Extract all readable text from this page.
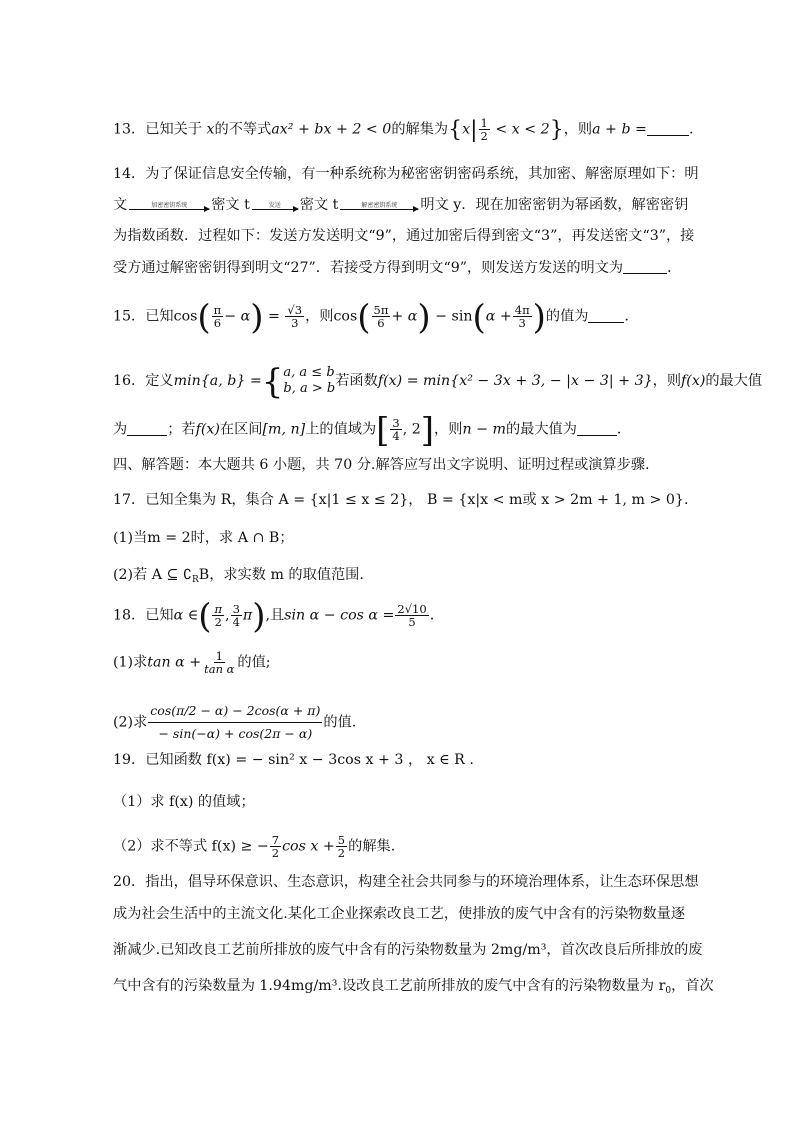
13．已知关于 x的不等式ax² + bx + 2 < 0的解集为$\{x| \frac{1}{2} < x < 2\}$，则a + b =	.
14．为了保证信息安全传输，有一种系统称为秘密密钥密码系统，其加密、解密原理如下：明
文	加密密钥系统 密文 t	发送 密文 t	解密密钥系统 明文 y．现在加密密钥为幂函数，解密密钥
为指数函数．过程如下：发送方发送明文“9”，通过加密后得到密文“3”，再发送密文“3”，接
受方通过解密密钥得到明文“27”．若接受方得到明文“9”，则发送方发送的明文为	．
15．已知$\cos( \frac{\pi}{6} - \alpha) = \frac{√3}{3}$ ，则$\cos( \frac{5\pi}{6} + \alpha) - \sin(\alpha + \frac{4\pi}{3}$ )的值为	．
16．定义min{a, b} ={ a, a ≤ b
b, a > b 若函数f(x) = min{x² − 3x + 3, − |x − 3| + 3}，则f(x)的最大值
为	；若f(x)在区间[m, n]上的值域为[ $\frac{3}{4}$ , 2]，则n − m的最大值为	．
四、解答题：本大题共 6 小题，共 70 分.解答应写出文字说明、证明过程或演算步骤.
17．已知全集为 R，集合 A = {x|1 ≤ x ≤ 2}， B = {x|x < m或 x > 2m + 1, m > 0}.
(1)当m = 2时，求 A ∩ B；
(2)若 A ⊆ $∁_RB$，求实数 m 的取值范围.
18．已知α ∈( $\frac{\pi}{2}$ , $\frac{3}{4} \pi$),且$\sin \alpha - \cos \alpha = \frac{2√10}{5}$ .
(1)求$\tan \alpha + \frac{1}{\text{tan α}}$ 的值;
(2)求 $\frac{\cos(\pi/2 - \alpha) - 2\cos(\alpha + \pi)}{- \sin(-\alpha) + \cos(2\pi - \alpha)}$ 的值.
19．已知函数 f(x) = − sin² x − 3cos x + 3 ， x ∈ R .
（1）求 f(x) 的值域；
（2）求不等式 f(x) ≥ − $\frac{7}{2}$ $\cos x + \frac{5}{2}$ 的解集.
20．指出，倡导环保意识、生态意识，构建全社会共同参与的环境治理体系，让生态环保思想
成为社会生活中的主流文化.某化工企业探索改良工艺，使排放的废气中含有的污染物数量逐
渐减少.已知改良工艺前所排放的废气中含有的污染物数量为 2mg/m³，首次改良后所排放的废
气中含有的污染数量为 1.94mg/m³.设改良工艺前所排放的废气中含有的污染物数量为 $r_0$，首次
